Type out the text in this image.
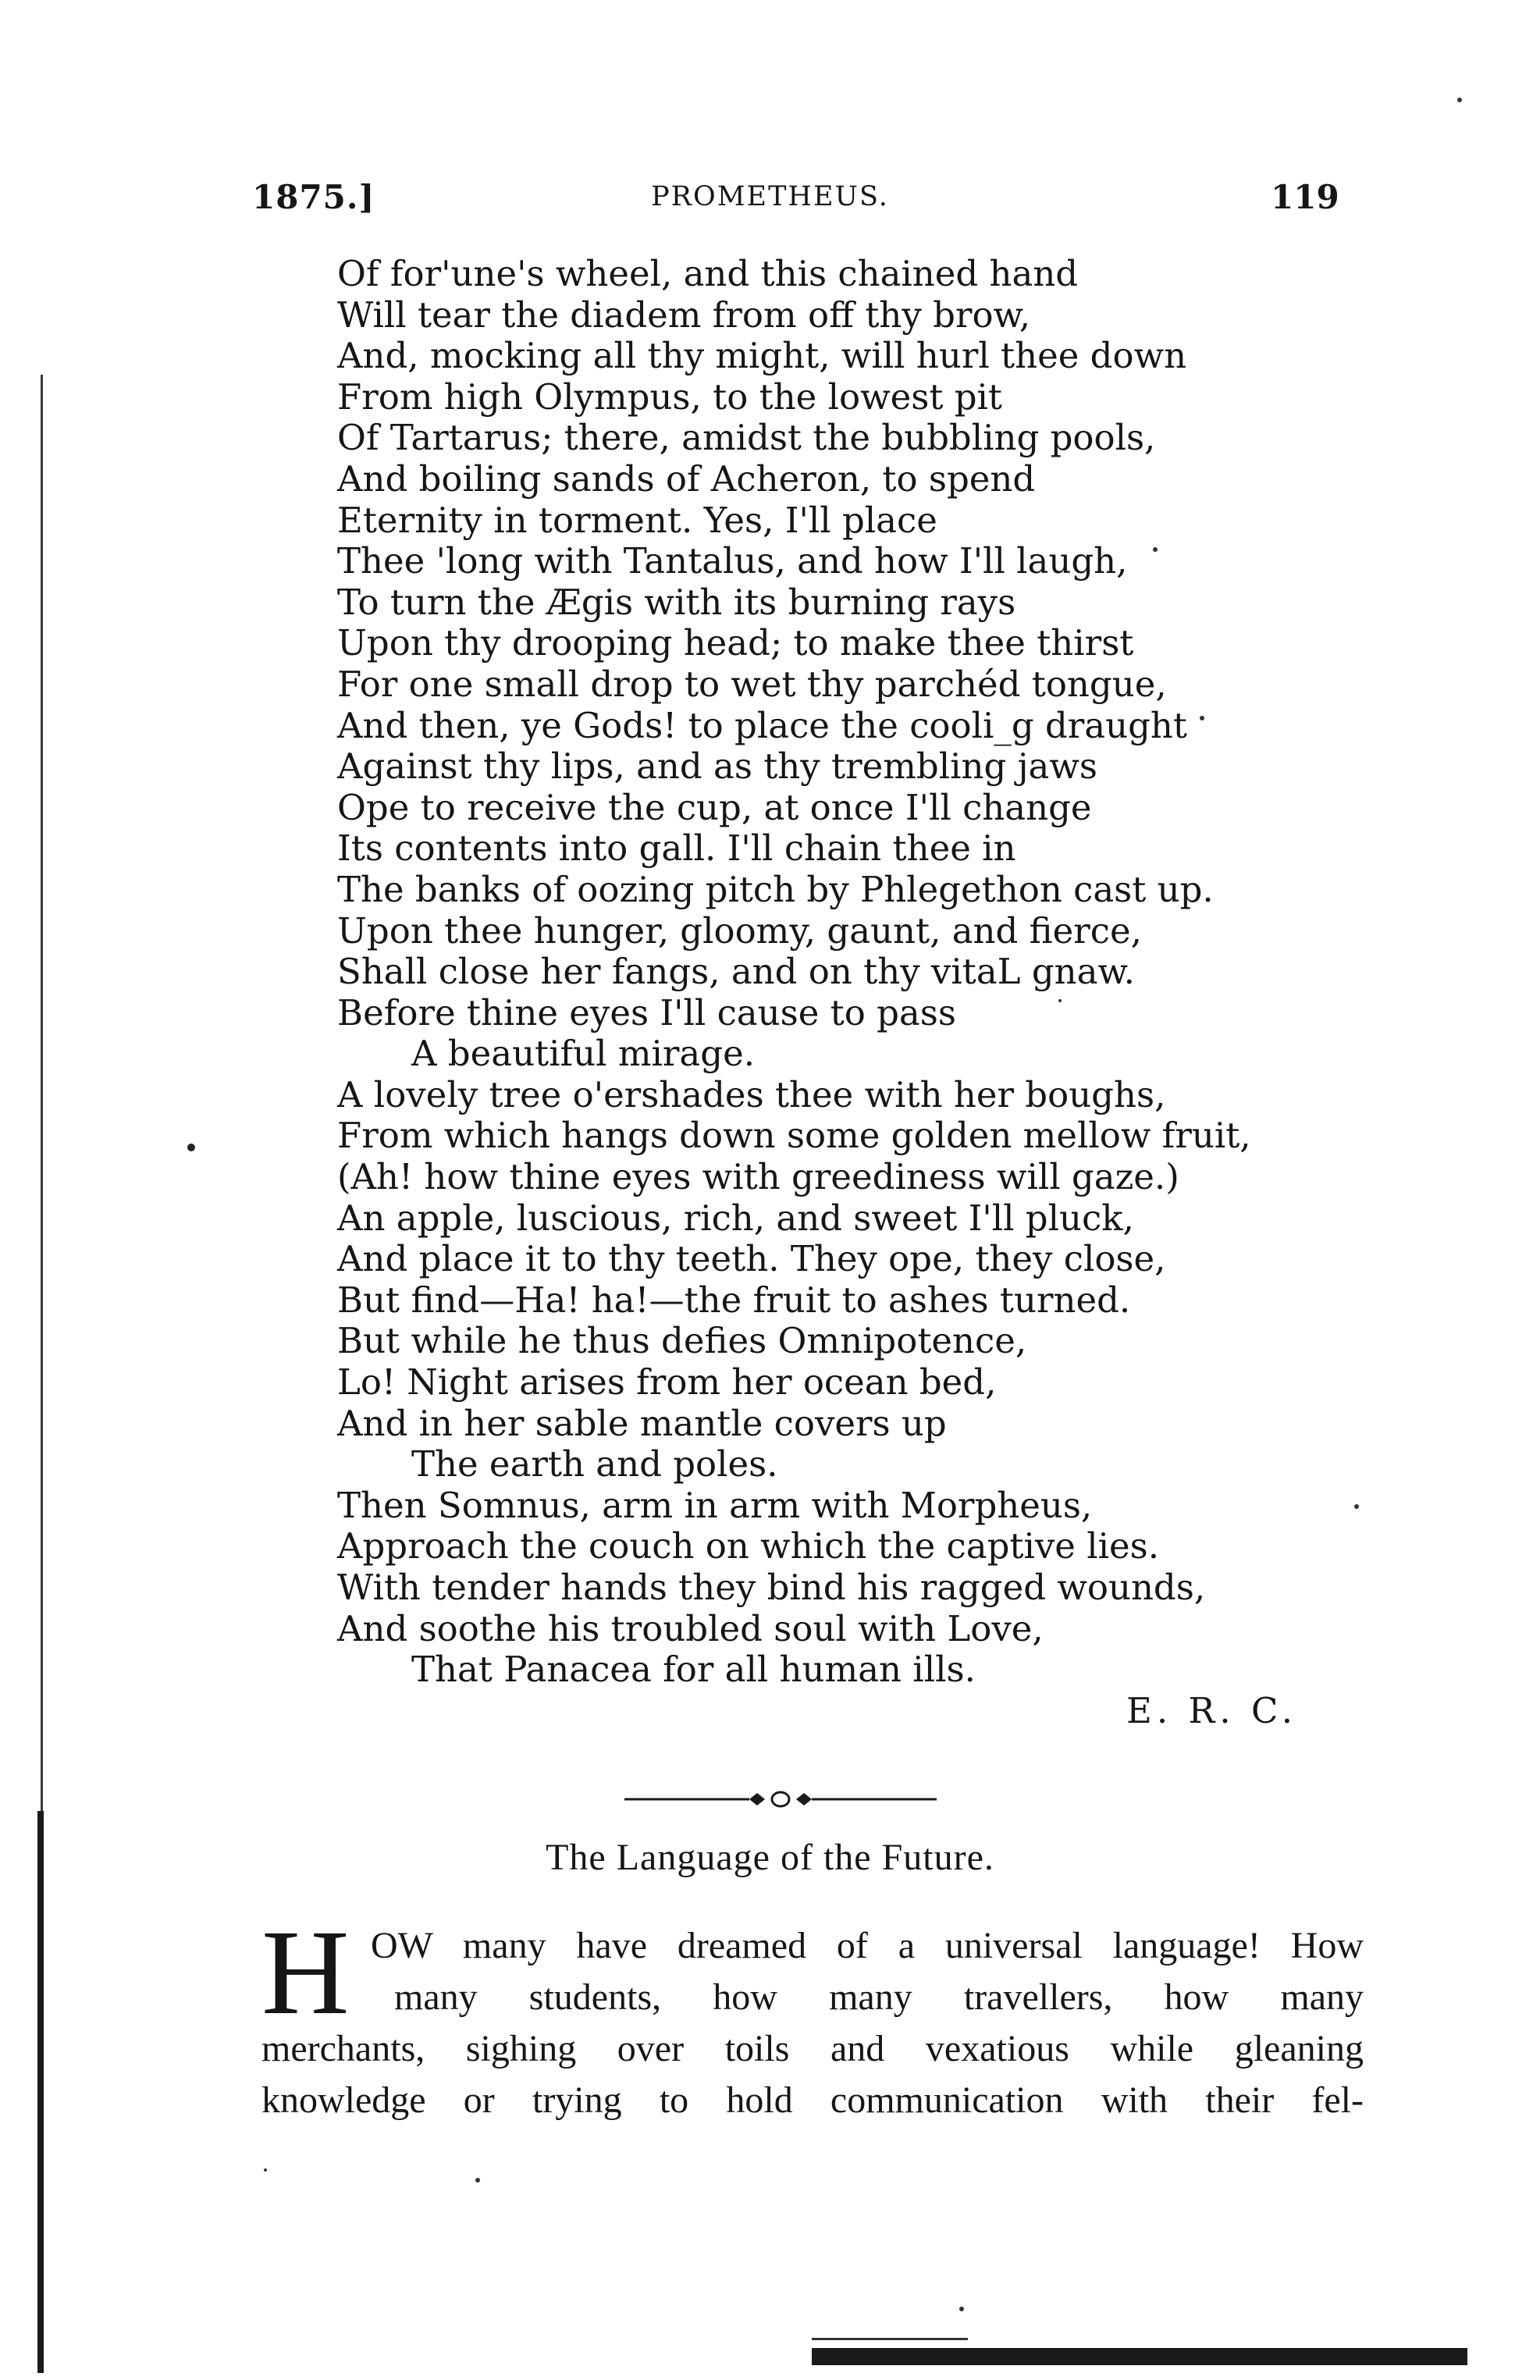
1875.]	PROMETHEUS.	119
Of for'une's wheel, and this chained hand
Will tear the diadem from off thy brow,
And, mocking all thy might, will hurl thee down
From high Olympus, to the lowest pit
Of Tartarus; there, amidst the bubbling pools,
And boiling sands of Acheron, to spend
Eternity in torment. Yes, I'll place
Thee 'long with Tantalus, and how I'll laugh,
To turn the Ægis with its burning rays
Upon thy drooping head; to make thee thirst
For one small drop to wet thy parchéd tongue,
And then, ye Gods! to place the cooli_g draught
Against thy lips, and as thy trembling jaws
Ope to receive the cup, at once I'll change
Its contents into gall. I'll chain thee in
The banks of oozing pitch by Phlegethon cast up.
Upon thee hunger, gloomy, gaunt, and fierce,
Shall close her fangs, and on thy vitaL gnaw.
Before thine eyes I'll cause to pass
A beautiful mirage.
A lovely tree o'ershades thee with her boughs,
From which hangs down some golden mellow fruit,
(Ah! how thine eyes with greediness will gaze.)
An apple, luscious, rich, and sweet I'll pluck,
And place it to thy teeth. They ope, they close,
But find—Ha! ha!—the fruit to ashes turned.
But while he thus defies Omnipotence,
Lo! Night arises from her ocean bed,
And in her sable mantle covers up
The earth and poles.
Then Somnus, arm in arm with Morpheus,
Approach the couch on which the captive lies.
With tender hands they bind his ragged wounds,
And soothe his troubled soul with Love,
That Panacea for all human ills.
E. R. C.
The Language of the Future.
H OW many have dreamed of a universal language! How
many students, how many travellers, how many
merchants, sighing over toils and vexatious while gleaning
knowledge or trying to hold communication with their fel-
